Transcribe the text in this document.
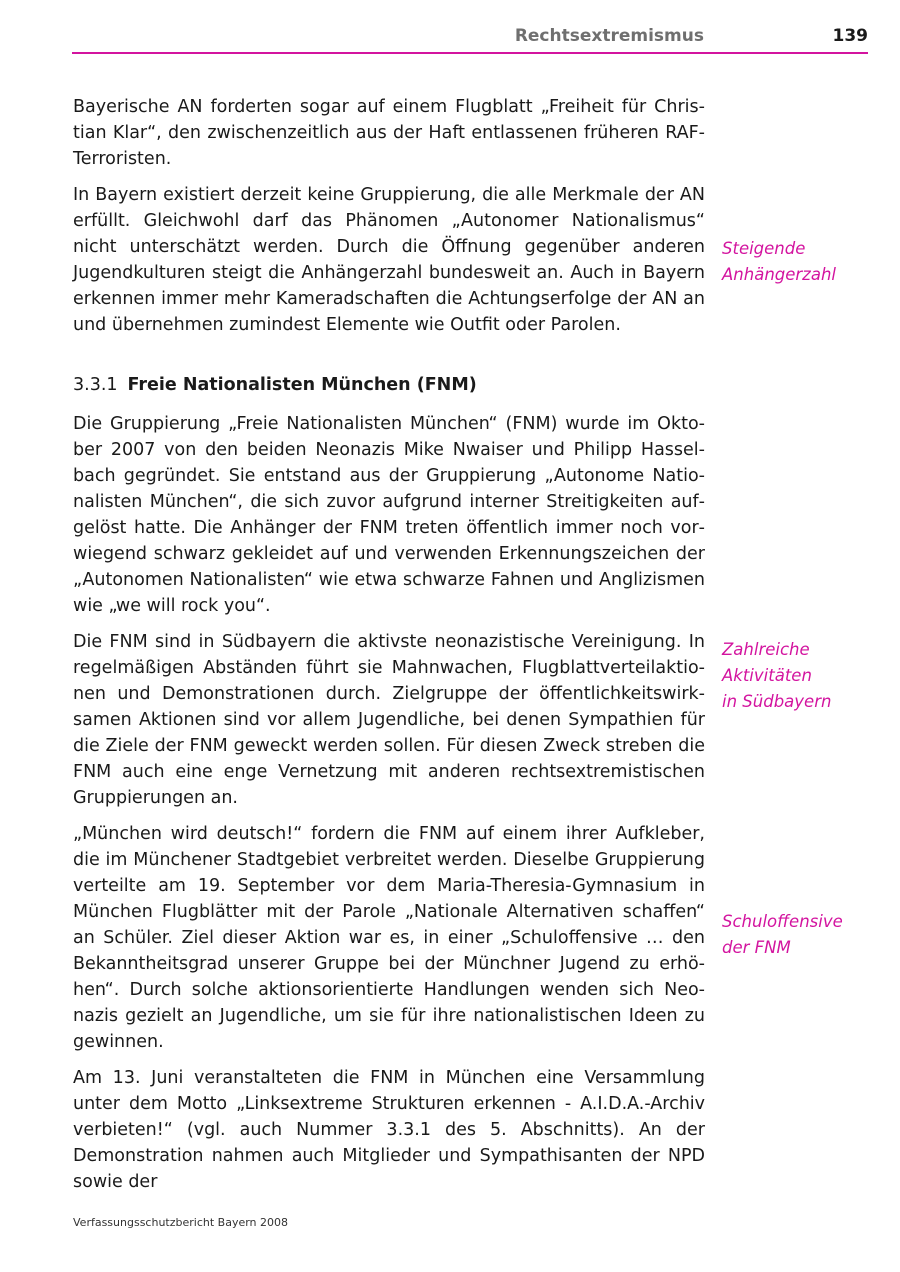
Rechtsextremismus	139

Bayerische AN forderten sogar auf einem Flugblatt „Freiheit für Christian Klar“, den zwischenzeitlich aus der Haft entlassenen früheren RAF-Terroristen.

In Bayern existiert derzeit keine Gruppierung, die alle Merkmale der AN erfüllt. Gleichwohl darf das Phänomen „Autonomer Nationalismus“ nicht unterschätzt werden. Durch die Öffnung gegenüber anderen Jugendkulturen steigt die Anhängerzahl bundesweit an. Auch in Bayern erkennen immer mehr Kameradschaften die Achtungserfolge der AN an und übernehmen zumindest Elemente wie Outfit oder Parolen.

3.3.1 Freie Nationalisten München (FNM)

Die Gruppierung „Freie Nationalisten München“ (FNM) wurde im Oktober 2007 von den beiden Neonazis Mike Nwaiser und Philipp Hasselbach gegründet. Sie entstand aus der Gruppierung „Autonome Nationalisten München“, die sich zuvor aufgrund interner Streitigkeiten aufgelöst hatte. Die Anhänger der FNM treten öffentlich immer noch vorwiegend schwarz gekleidet auf und verwenden Erkennungszeichen der „Autonomen Nationalisten“ wie etwa schwarze Fahnen und Anglizismen wie „we will rock you“.

Die FNM sind in Südbayern die aktivste neonazistische Vereinigung. In regelmäßigen Abständen führt sie Mahnwachen, Flugblattverteilaktionen und Demonstrationen durch. Zielgruppe der öffentlichkeitswirksamen Aktionen sind vor allem Jugendliche, bei denen Sympathien für die Ziele der FNM geweckt werden sollen. Für diesen Zweck streben die FNM auch eine enge Vernetzung mit anderen rechtsextremistischen Gruppierungen an.

„München wird deutsch!“ fordern die FNM auf einem ihrer Aufkleber, die im Münchener Stadtgebiet verbreitet werden. Dieselbe Gruppierung verteilte am 19. September vor dem Maria-Theresia-Gymnasium in München Flugblätter mit der Parole „Nationale Alternativen schaffen“ an Schüler. Ziel dieser Aktion war es, in einer „Schuloffensive … den Bekanntheitsgrad unserer Gruppe bei der Münchner Jugend zu erhöhen“. Durch solche aktionsorientierte Handlungen wenden sich Neonazis gezielt an Jugendliche, um sie für ihre nationalistischen Ideen zu gewinnen.

Am 13. Juni veranstalteten die FNM in München eine Versammlung unter dem Motto „Linksextreme Strukturen erkennen - A.I.D.A.-Archiv verbieten!“ (vgl. auch Nummer 3.3.1 des 5. Abschnitts). An der Demonstration nahmen auch Mitglieder und Sympathisanten der NPD sowie der

Steigende
Anhängerzahl
Zahlreiche
Aktivitäten
in Südbayern
Schuloffensive
der FNM
Verfassungsschutzbericht Bayern 2008
